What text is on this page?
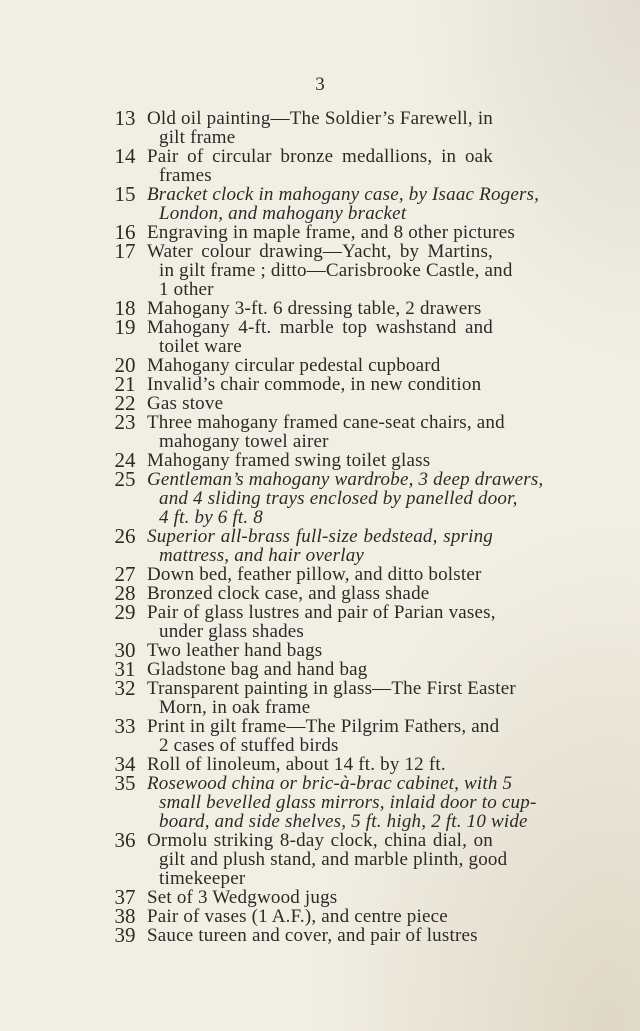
3
13 Old oil painting—The Soldier’s Farewell, in
gilt frame
14 Pair of circular bronze medallions, in oak
frames
15 Bracket clock in mahogany case, by Isaac Rogers,
London, and mahogany bracket
16 Engraving in maple frame, and 8 other pictures
17 Water colour drawing—Yacht, by Martins,
in gilt frame ; ditto—Carisbrooke Castle, and
1 other
18 Mahogany 3-ft. 6 dressing table, 2 drawers
19 Mahogany 4-ft. marble top washstand and
toilet ware
20 Mahogany circular pedestal cupboard
21 Invalid’s chair commode, in new condition
22 Gas stove
23 Three mahogany framed cane-seat chairs, and
mahogany towel airer
24 Mahogany framed swing toilet glass
25 Gentleman’s mahogany wardrobe, 3 deep drawers,
and 4 sliding trays enclosed by panelled door,
4 ft. by 6 ft. 8
26 Superior all-brass full-size bedstead, spring
mattress, and hair overlay
27 Down bed, feather pillow, and ditto bolster
28 Bronzed clock case, and glass shade
29 Pair of glass lustres and pair of Parian vases,
under glass shades
30 Two leather hand bags
31 Gladstone bag and hand bag
32 Transparent painting in glass—The First Easter
Morn, in oak frame
33 Print in gilt frame—The Pilgrim Fathers, and
2 cases of stuffed birds
34 Roll of linoleum, about 14 ft. by 12 ft.
35 Rosewood china or bric-à-brac cabinet, with 5
small bevelled glass mirrors, inlaid door to cup-
board, and side shelves, 5 ft. high, 2 ft. 10 wide
36 Ormolu striking 8-day clock, china dial, on
gilt and plush stand, and marble plinth, good
timekeeper
37 Set of 3 Wedgwood jugs
38 Pair of vases (1 A.F.), and centre piece
39 Sauce tureen and cover, and pair of lustres
